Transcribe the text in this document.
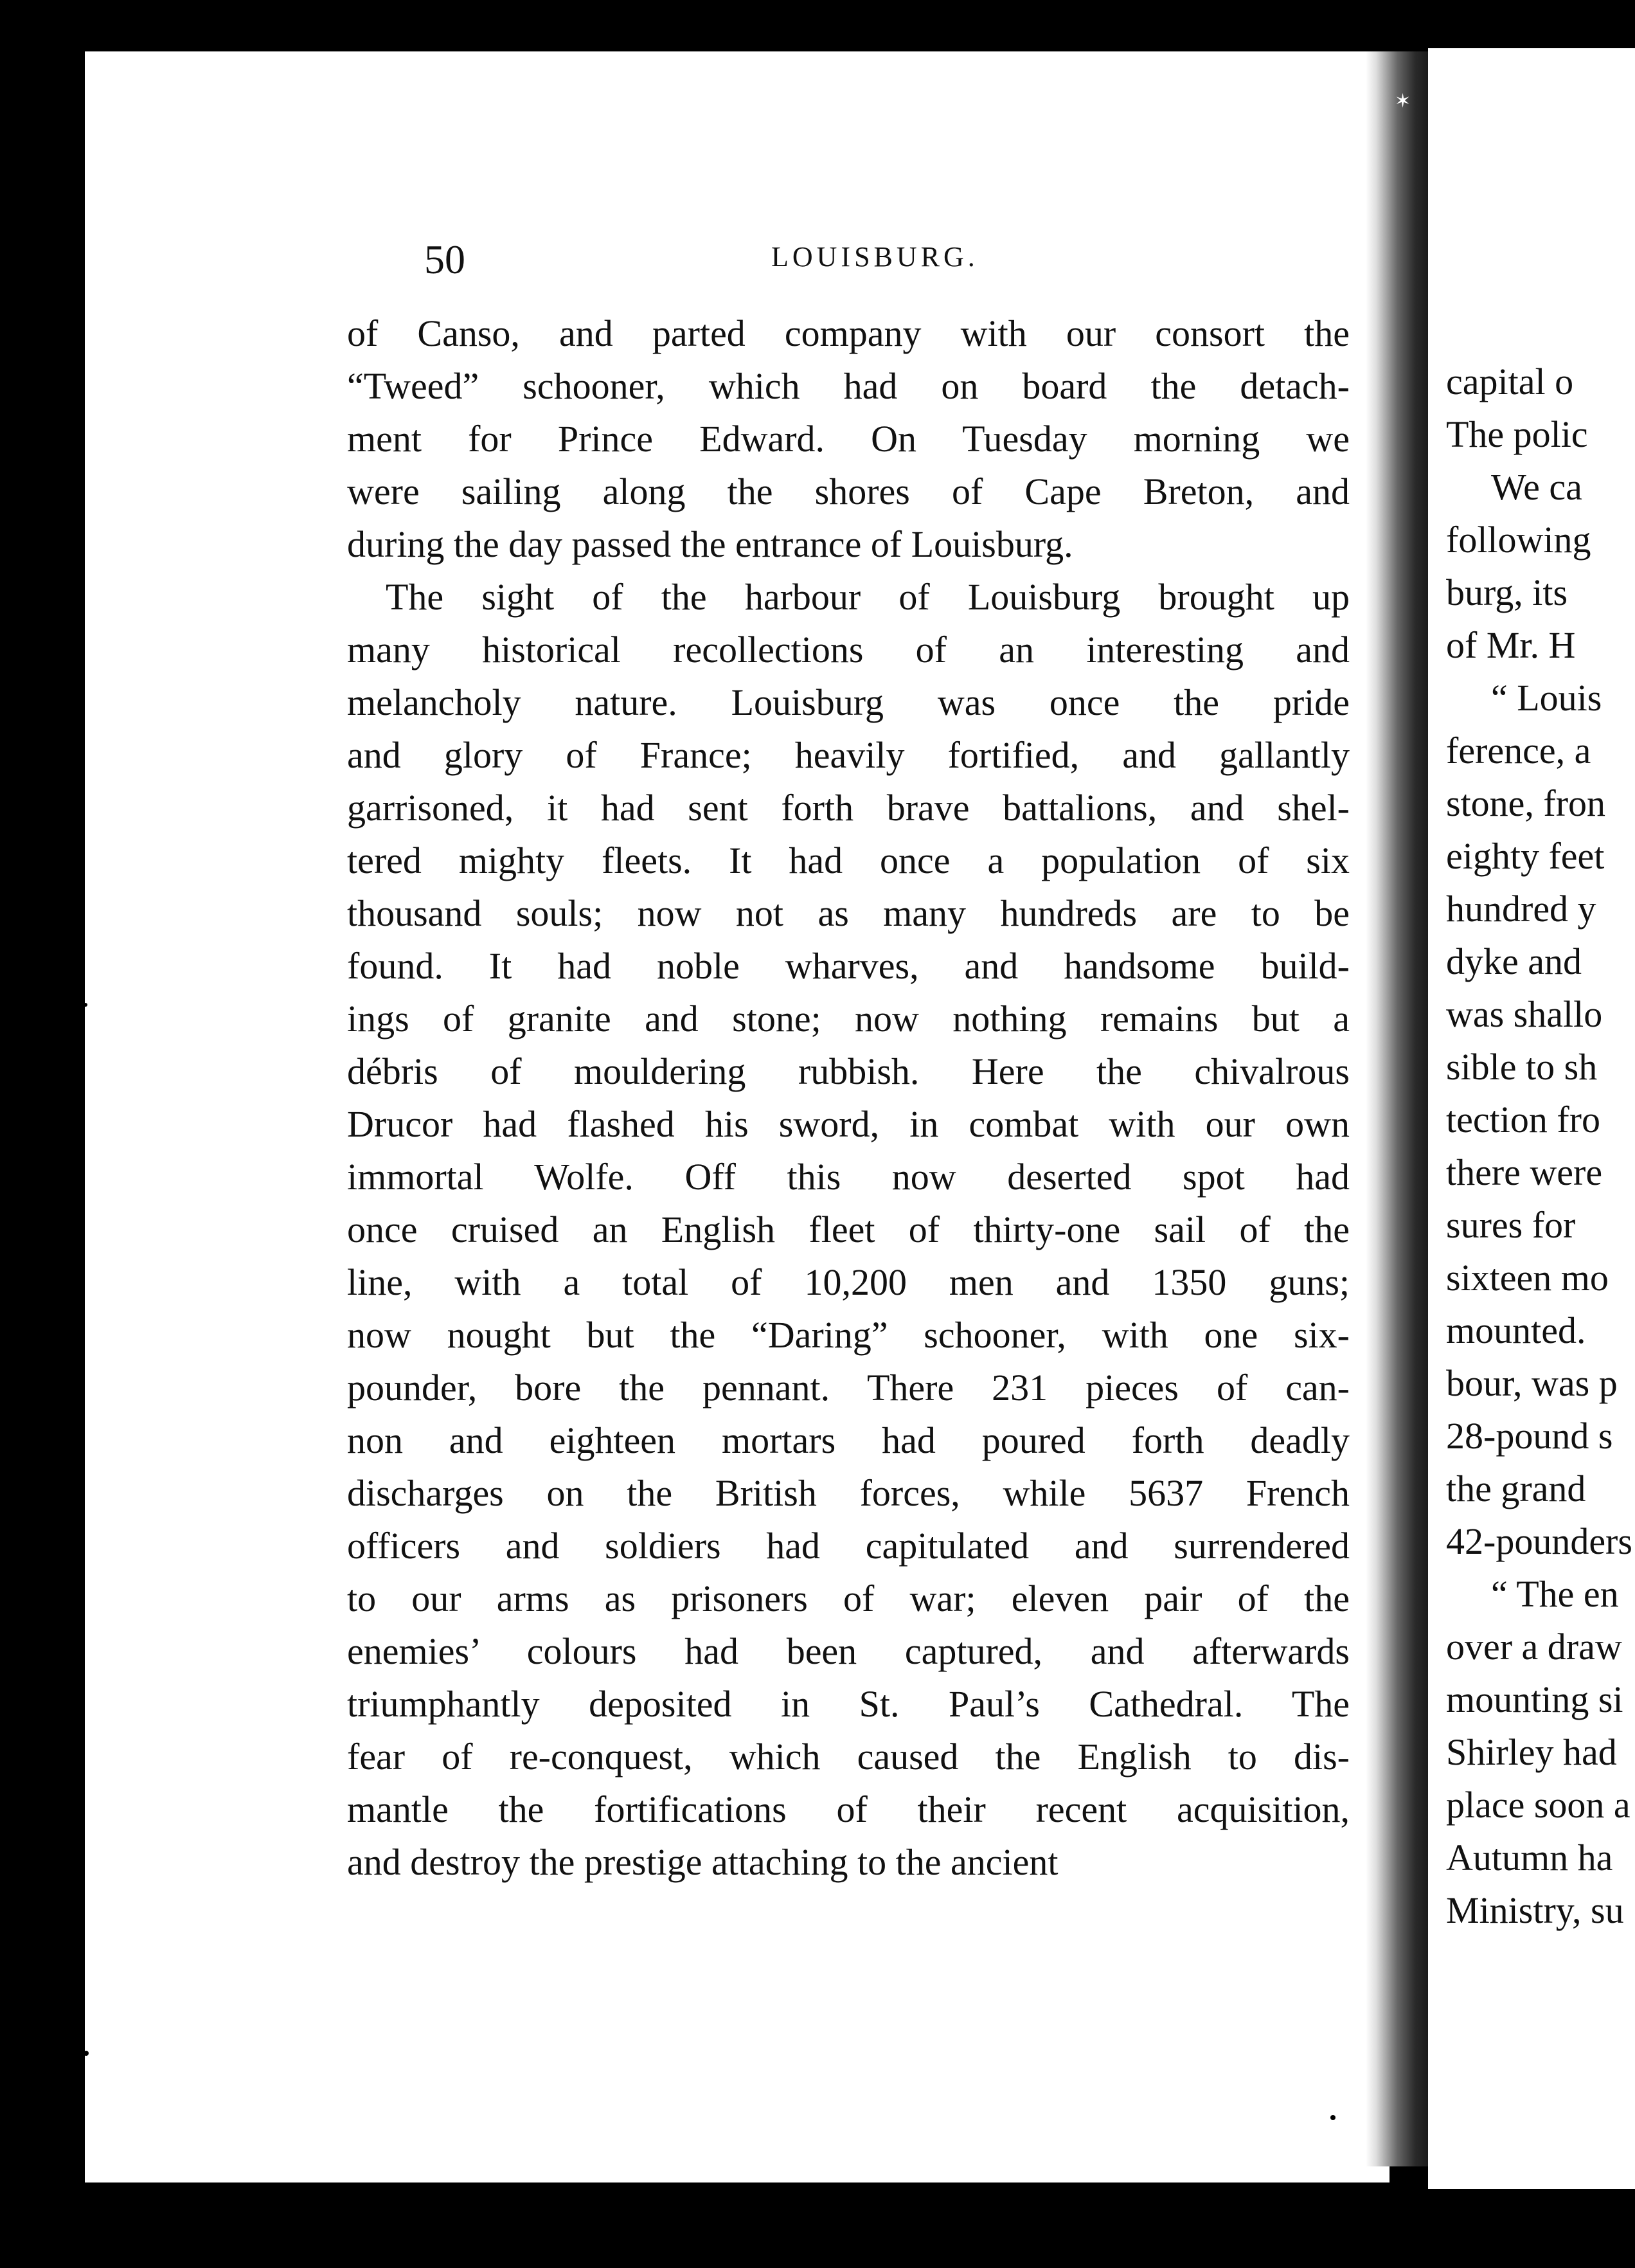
✶
capital o
The polic
We ca
following
burg, its
of Mr. H
“ Louis
ference, a
stone, fron
eighty feet
hundred y
dyke and
was shallo
sible to sh
tection fro
there were
sures for
sixteen mo
mounted.
bour, was p
28-pound s
the grand
42-pounders
“ The en
over a draw
mounting si
Shirley had
place soon a
Autumn ha
Ministry, su
50	LOUISBURG.
of Canso, and parted company with our consort the
“Tweed” schooner, which had on board the detach-
ment for Prince Edward. On Tuesday morning we
were sailing along the shores of Cape Breton, and
during the day passed the entrance of Louisburg.
The sight of the harbour of Louisburg brought up
many historical recollections of an interesting and
melancholy nature. Louisburg was once the pride
and glory of France; heavily fortified, and gallantly
garrisoned, it had sent forth brave battalions, and shel-
tered mighty fleets. It had once a population of six
thousand souls; now not as many hundreds are to be
found. It had noble wharves, and handsome build-
ings of granite and stone; now nothing remains but a
débris of mouldering rubbish. Here the chivalrous
Drucor had flashed his sword, in combat with our own
immortal Wolfe. Off this now deserted spot had
once cruised an English fleet of thirty-one sail of the
line, with a total of 10,200 men and 1350 guns;
now nought but the “Daring” schooner, with one six-
pounder, bore the pennant. There 231 pieces of can-
non and eighteen mortars had poured forth deadly
discharges on the British forces, while 5637 French
officers and soldiers had capitulated and surrendered
to our arms as prisoners of war; eleven pair of the
enemies’ colours had been captured, and afterwards
triumphantly deposited in St. Paul’s Cathedral. The
fear of re-conquest, which caused the English to dis-
mantle the fortifications of their recent acquisition,
and destroy the prestige attaching to the ancient
